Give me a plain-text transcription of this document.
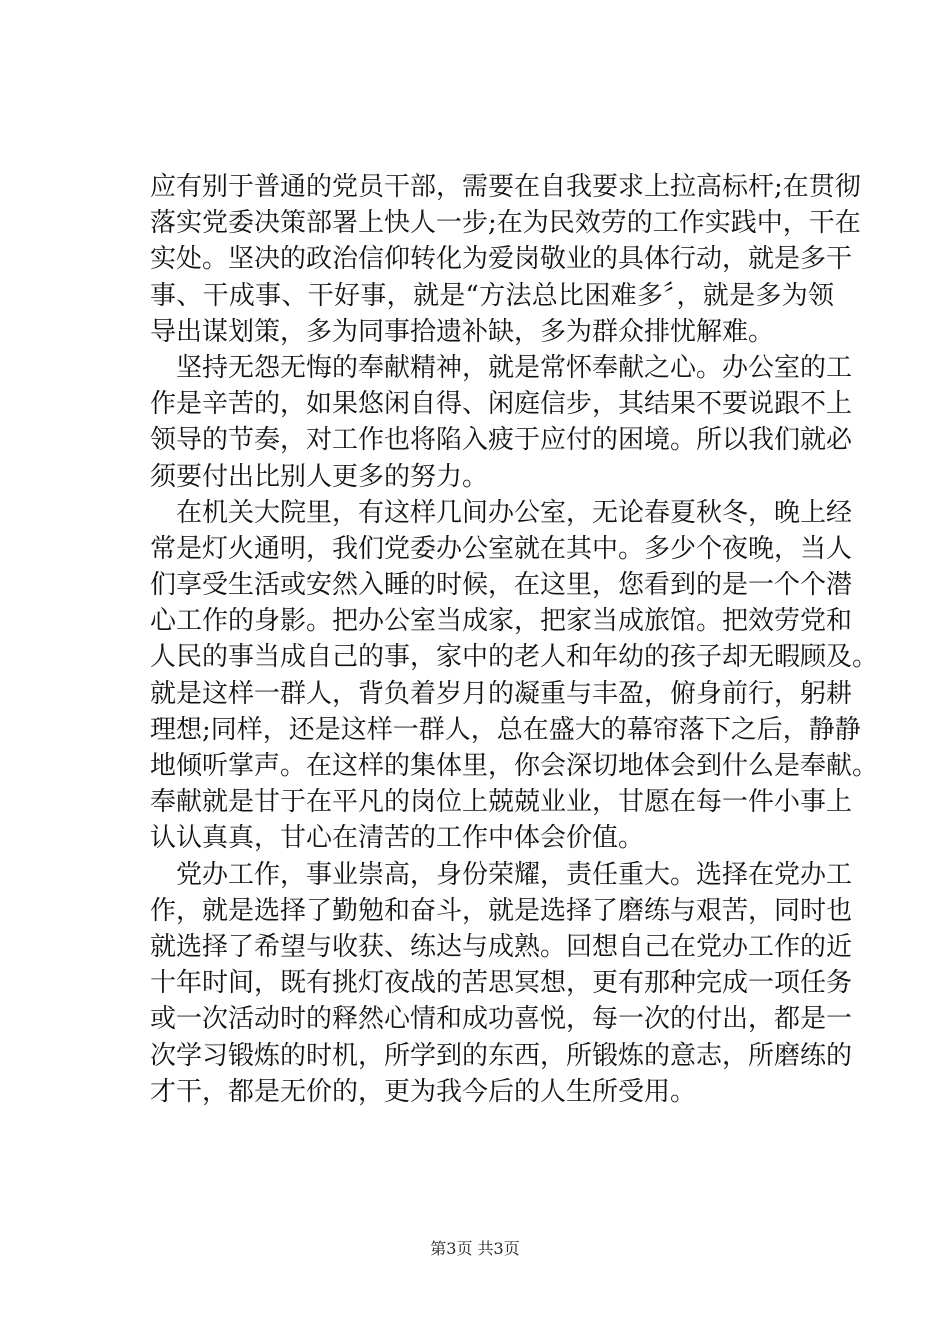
应有别于普通的党员干部，需要在自我要求上拉高标杆;在贯彻
落实党委决策部署上快人一步;在为民效劳的工作实践中，干在
实处。坚决的政治信仰转化为爱岗敬业的具体行动，就是多干
事、干成事、干好事，就是“方法总比困难多〞，就是多为领
导出谋划策，多为同事拾遗补缺，多为群众排忧解难。
坚持无怨无悔的奉献精神，就是常怀奉献之心。办公室的工
作是辛苦的，如果悠闲自得、闲庭信步，其结果不要说跟不上
领导的节奏，对工作也将陷入疲于应付的困境。所以我们就必
须要付出比别人更多的努力。
在机关大院里，有这样几间办公室，无论春夏秋冬，晚上经
常是灯火通明，我们党委办公室就在其中。多少个夜晚，当人
们享受生活或安然入睡的时候，在这里，您看到的是一个个潜
心工作的身影。把办公室当成家，把家当成旅馆。把效劳党和
人民的事当成自己的事，家中的老人和年幼的孩子却无暇顾及。
就是这样一群人，背负着岁月的凝重与丰盈，俯身前行，躬耕
理想;同样，还是这样一群人，总在盛大的幕帘落下之后，静静
地倾听掌声。在这样的集体里，你会深切地体会到什么是奉献。
奉献就是甘于在平凡的岗位上兢兢业业，甘愿在每一件小事上
认认真真，甘心在清苦的工作中体会价值。
党办工作，事业崇高，身份荣耀，责任重大。选择在党办工
作，就是选择了勤勉和奋斗，就是选择了磨练与艰苦，同时也
就选择了希望与收获、练达与成熟。回想自己在党办工作的近
十年时间，既有挑灯夜战的苦思冥想，更有那种完成一项任务
或一次活动时的释然心情和成功喜悦，每一次的付出，都是一
次学习锻炼的时机，所学到的东西，所锻炼的意志，所磨练的
才干，都是无价的，更为我今后的人生所受用。
第3页 共3页
